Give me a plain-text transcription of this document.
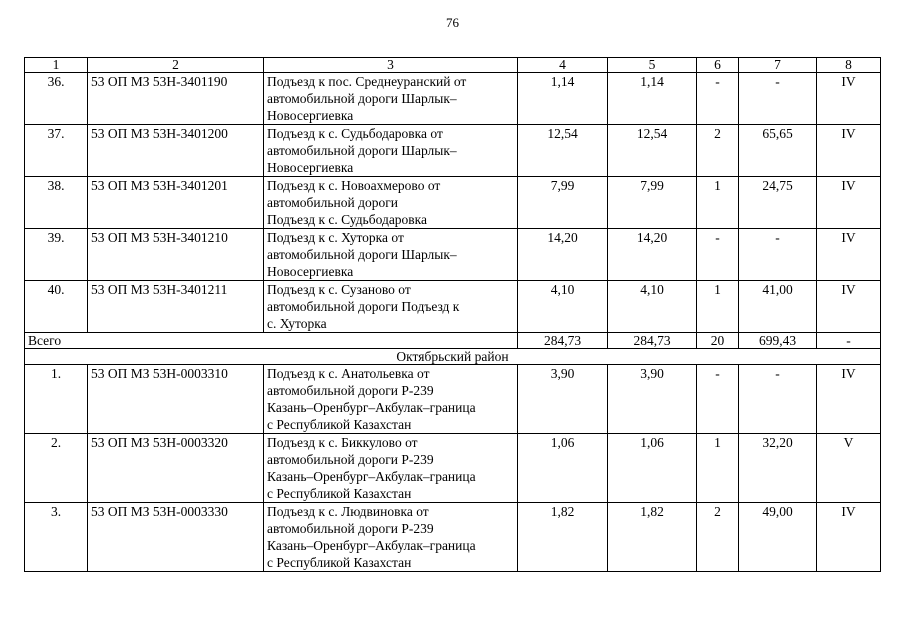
76
1	2	3	4	5	6	7	8
36.	53 ОП МЗ 53Н-3401190	Подъезд к пос. Среднеуранский от
автомобильной дороги Шарлык–
Новосергиевка	1,14	1,14	-	-	IV
37.	53 ОП МЗ 53Н-3401200	Подъезд к с. Судьбодаровка от
автомобильной дороги Шарлык–
Новосергиевка	12,54	12,54	2	65,65	IV
38.	53 ОП МЗ 53Н-3401201	Подъезд к с. Новоахмерово от
автомобильной дороги
Подъезд к с. Судьбодаровка	7,99	7,99	1	24,75	IV
39.	53 ОП МЗ 53Н-3401210	Подъезд к с. Хуторка от
автомобильной дороги Шарлык–
Новосергиевка	14,20	14,20	-	-	IV
40.	53 ОП МЗ 53Н-3401211	Подъезд к с. Сузаново от
автомобильной дороги Подъезд к
с. Хуторка	4,10	4,10	1	41,00	IV
Всего			284,73	284,73	20	699,43	-
Октябрьский район							
1.	53 ОП МЗ 53Н-0003310	Подъезд к с. Анатольевка от
автомобильной дороги Р-239
Казань–Оренбург–Акбулак–граница
с Республикой Казахстан	3,90	3,90	-	-	IV
2.	53 ОП МЗ 53Н-0003320	Подъезд к с. Биккулово от
автомобильной дороги Р-239
Казань–Оренбург–Акбулак–граница
с Республикой Казахстан	1,06	1,06	1	32,20	V
3.	53 ОП МЗ 53Н-0003330	Подъезд к с. Людвиновка от
автомобильной дороги Р-239
Казань–Оренбург–Акбулак–граница
с Республикой Казахстан	1,82	1,82	2	49,00	IV
